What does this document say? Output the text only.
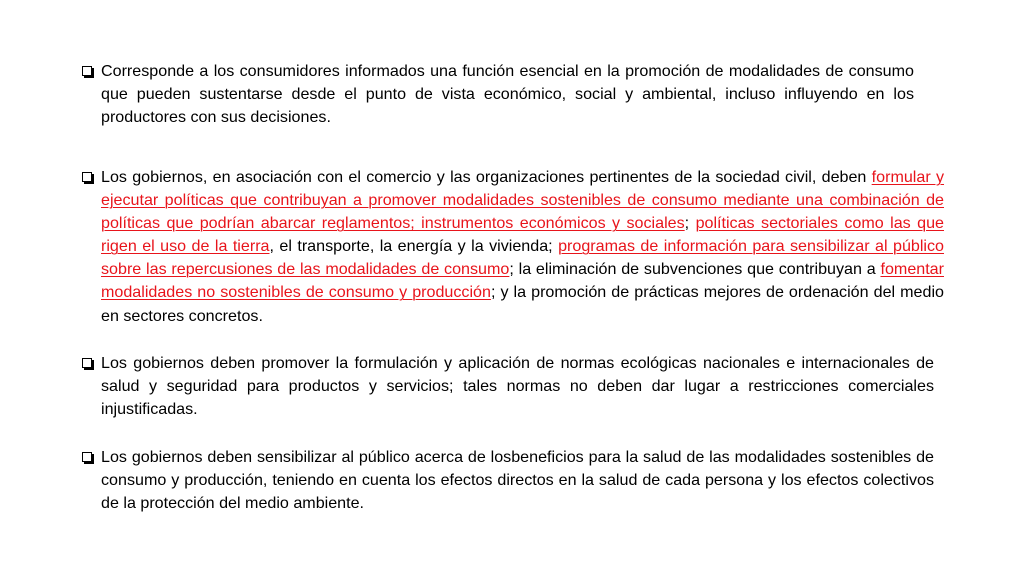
Corresponde a los consumidores informados una función esencial en la promoción de modalidades de consumo que pueden sustentarse desde el punto de vista económico, social y ambiental, incluso influyendo en los productores con sus decisiones.
Los gobiernos, en asociación con el comercio y las organizaciones pertinentes de la sociedad civil, deben formular y ejecutar políticas que contribuyan a promover modalidades sostenibles de consumo mediante una combinación de políticas que podrían abarcar reglamentos; instrumentos económicos y sociales; políticas sectoriales como las que rigen el uso de la tierra, el transporte, la energía y la vivienda; programas de información para sensibilizar al público sobre las repercusiones de las modalidades de consumo; la eliminación de subvenciones que contribuyan a fomentar modalidades no sostenibles de consumo y producción; y la promoción de prácticas mejores de ordenación del medio en sectores concretos.
Los gobiernos deben promover la formulación y aplicación de normas ecológicas nacionales e internacionales de salud y seguridad para productos y servicios; tales normas no deben dar lugar a restricciones comerciales injustificadas.
Los gobiernos deben sensibilizar al público acerca de losbeneficios para la salud de las modalidades sostenibles de consumo y producción, teniendo en cuenta los efectos directos en la salud de cada persona y los efectos colectivos de la protección del medio ambiente.
